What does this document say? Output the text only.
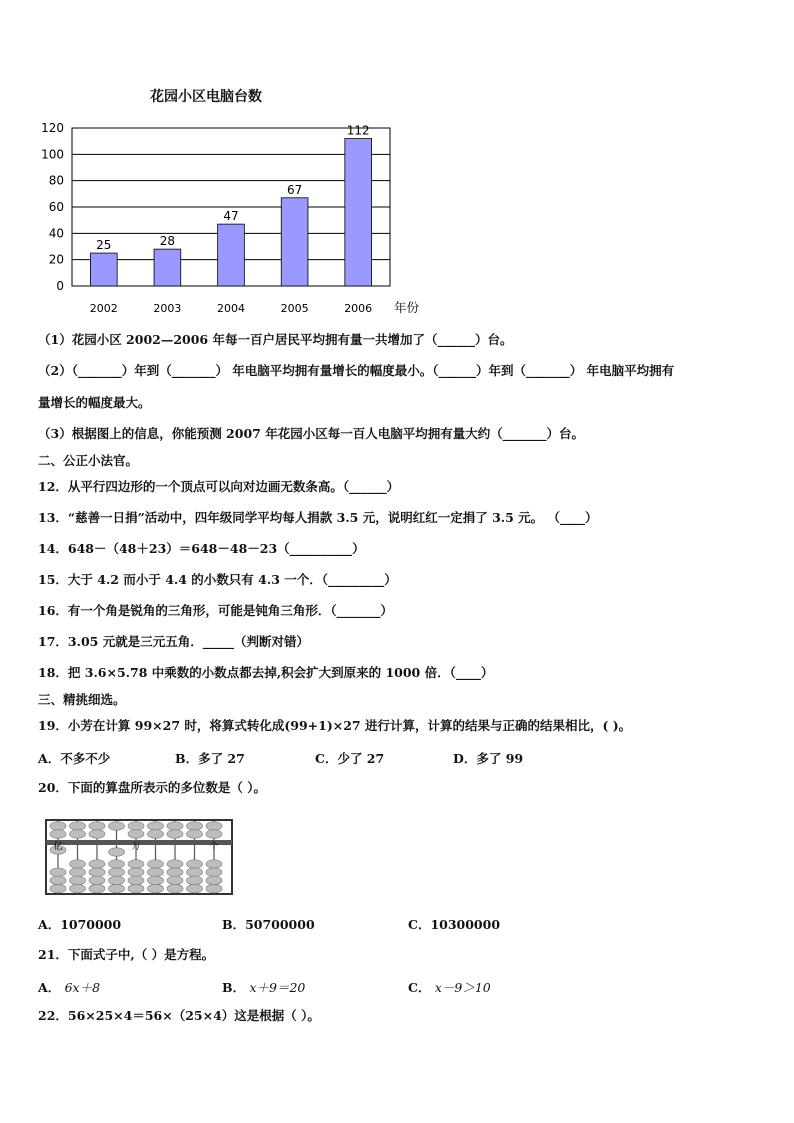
花园小区电脑台数
0
20
40
60
80
100
120
25
2002
28
2003
47
2004
67
2005
112
2006 年份
（1）花园小区 2002—2006 年每一百户居民平均拥有量一共增加了（______）台。
（2）（_______）年到（_______） 年电脑平均拥有量增长的幅度最小。（______）年到（_______） 年电脑平均拥有
量增长的幅度最大。
（3）根据图上的信息，你能预测 2007 年花园小区每一百人电脑平均拥有量大约（_______）台。
二、公正小法官。
12．从平行四边形的一个顶点可以向对边画无数条高。（______）
13．“慈善一日捐”活动中，四年级同学平均每人捐款 3.5 元，说明红红一定捐了 3.5 元。 （____）
14．648－（48＋23）＝648－48－23（__________）
15．大于 4.2 而小于 4.4 的小数只有 4.3 一个．（_________）
16．有一个角是锐角的三角形，可能是钝角三角形．（_______）
17．3.05 元就是三元五角．_____（判断对错）
18．把 3.6×5.78 中乘数的小数点都去掉,积会扩大到原来的 1000 倍．（____）
三、精挑细选。
19．小芳在计算 99×27 时，将算式转化成(99+1)×27 进行计算，计算的结果与正确的结果相比，( )。
A．不多不少	B．多了 27	C．少了 27	D．多了 99
20．下面的算盘所表示的多位数是（ ）。
亿	万	个
A．1070000	B．50700000	C．10300000
21．下面式子中,（ ）是方程。
A． 6x＋8	B． x＋9＝20	C． x－9＞10
22．56×25×4＝56×（25×4）这是根据（ ）。
